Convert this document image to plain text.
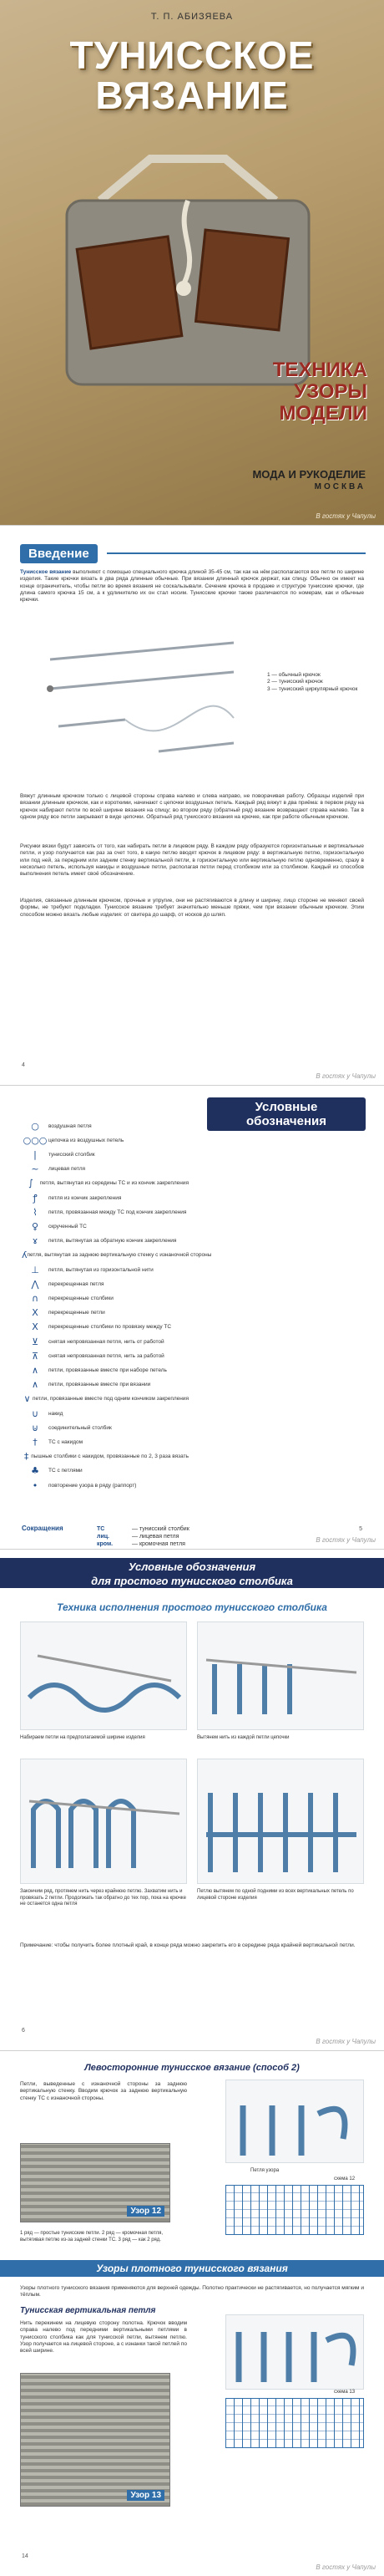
Т. П. АБИЗЯЕВА
ТУНИССКОЕ
ВЯЗАНИЕ
ТЕХНИКА
УЗОРЫ
МОДЕЛИ
МОДА И РУКОДЕЛИЕ
МОСКВА
В гостях у Чапулы
Введение
Тунисское вязание выполняют с помощью специального крючка длиной 35-45 см, так как на нём располагаются все петли по ширине изделия. Такие крючки вязать в два ряда длинные обычные. При вязании длинный крючок держат, как спицу. Обычно он имеет на конце ограничитель, чтобы петли во время вязания не соскальзывали. Сечение крючка в продаже и структуре тунисские крючки, где длина самого крючка 15 см, а к удлинителю их он стал носим. Тунисские крючки также различаются по номерам, как и обычные крючки.
1 — обычный крючок
2 — тунисский крючок
3 — тунисский циркулярный крючок
Вяжут длинным крючком только с лицевой стороны справа налево и слева направо, не поворачивая работу. Образцы изделий при вязании длинным крючком, как и короткими, начинают с цепочки воздушных петель. Каждый ряд вяжут в два приёма: в первом ряду на крючок набирают петли по всей ширине вязания на спицу; во втором ряду (обратный ряд) вязание возвращают справа налево. Так в одном ряду все петли закрывают в виде цепочки. Обратный ряд тунисского вязания на крючке, как при работе обычным крючком.
Рисунки вязки будут зависеть от того, как набирать петли в лицевом ряду. В каждом ряду образуются горизонтальные и вертикальные петли, и узор получается как раз за счет того, в какую петлю вводят крючок в лицевом ряду: в вертикальную петлю, горизонтальную или под ней, за передним или задним стенку вертикальной петли, в горизонтальную или вертикальную петлю одновременно, сразу в несколько петель, используя накиды и воздушные петли, располагая петли перед столбиком или за столбиком. Каждый из способов выполнения петель имеет своё обозначение.
Изделия, связанные длинным крючком, прочные и упругие, они не растягиваются в длину и ширину, лицо стороне не меняют своей формы, не требуют подкладки. Тунисское вязание требует значительно меньше пряжи, чем при вязании обычным крючком. Этим способом можно вязать любые изделия: от свитера до шарф, от носков до шляп.
4
В гостях у Чапулы
Условные обозначения
○	воздушная петля
○○○ цепочка из воздушных петель
|	тунисский столбик
~	лицевая петля
∫	петля, вытянутая из середины ТС и из кончик закрепления
ꝭ	петля из кончик закрепления
⌇	петля, провязанная между ТС под кончик закрепления
♀	скрученный ТС
ɤ	петля, вытянутая за обратную кончик закрепления
ʎ петля, вытянутая за заднюю вертикальную стенку с изнаночной стороны
⊥	петля, вытянутая из горизонтальной нити
⋀	перекрещенная петля
∩	перекрещенные столбики
X	перекрещенные петли
X	перекрещенные столбики по провязку между ТС
⊻	снятая непровязанная петля, нить от работой
⊼	снятая непровязанная петля, нить за работой
∧	петли, провязанные вместе при наборе петель
∧	петли, провязанные вместе при вязании
∨ петли, провязанные вместе под одним кончиком закрепления
∪	накид
⊍	соединительный столбик
†	ТС с накидом
‡ пышные столбики с накидом, провязанные по 2, 3 раза вязать
♣	ТС с петлями
•	повторение узора в ряду (раппорт)
Сокращения	ТС	— тунисский столбик
лиц.	— лицевая петля
кром.	— кромочная петля
5
В гостях у Чапулы
Условные обозначения
для простого тунисского столбика
Техника исполнения простого тунисского столбика
Набираем петли на предполагаемой ширине изделия	Вытянем нить из каждой петли цепочки
Закончим ряд, протянем нить через крайнюю петлю. Захватим нить и провязать 2 петли. Продолжать так обратно до тех пор, пока на крючке не останется одна петля
Петлю вытянем по одной подними из всех вертикальных петель по лицевой стороне изделия
Примечание: чтобы получить более плотный край, в конце ряда можно закрепить его в середине ряда крайней вертикальной петли.
6
В гостях у Чапулы
Левосторонние тунисское вязание (способ 2)
Петли, выведенные с изнаночной стороны за заднюю вертикальную стенку. Вводим крючок за заднюю вертикальную стенку ТС с изнаночной стороны.
Петля узора
Узор 12
схема 12
1 ряд — простые тунисские петли. 2 ряд — кромочная петля, вытягивая петлю из-за задней стенки ТС. 3 ряд — как 2 ряд.
Узоры плотного тунисского вязания
Узоры плотного тунисского вязания применяются для верхней одежды. Полотно практически не растягивается, но получается мягким и тёплым.
Тунисская вертикальная петля
Нить перекинем на лицевую сторону полотна. Крючок вводим справа налево под передними вертикальными петлями в тунисского столбика как для тунисской петли, вытянем петлю. Узор получается на лицевой стороне, а с изнанки такой петлей по всей ширине.
схема 13
Узор 13
14
В гостях у Чапулы
